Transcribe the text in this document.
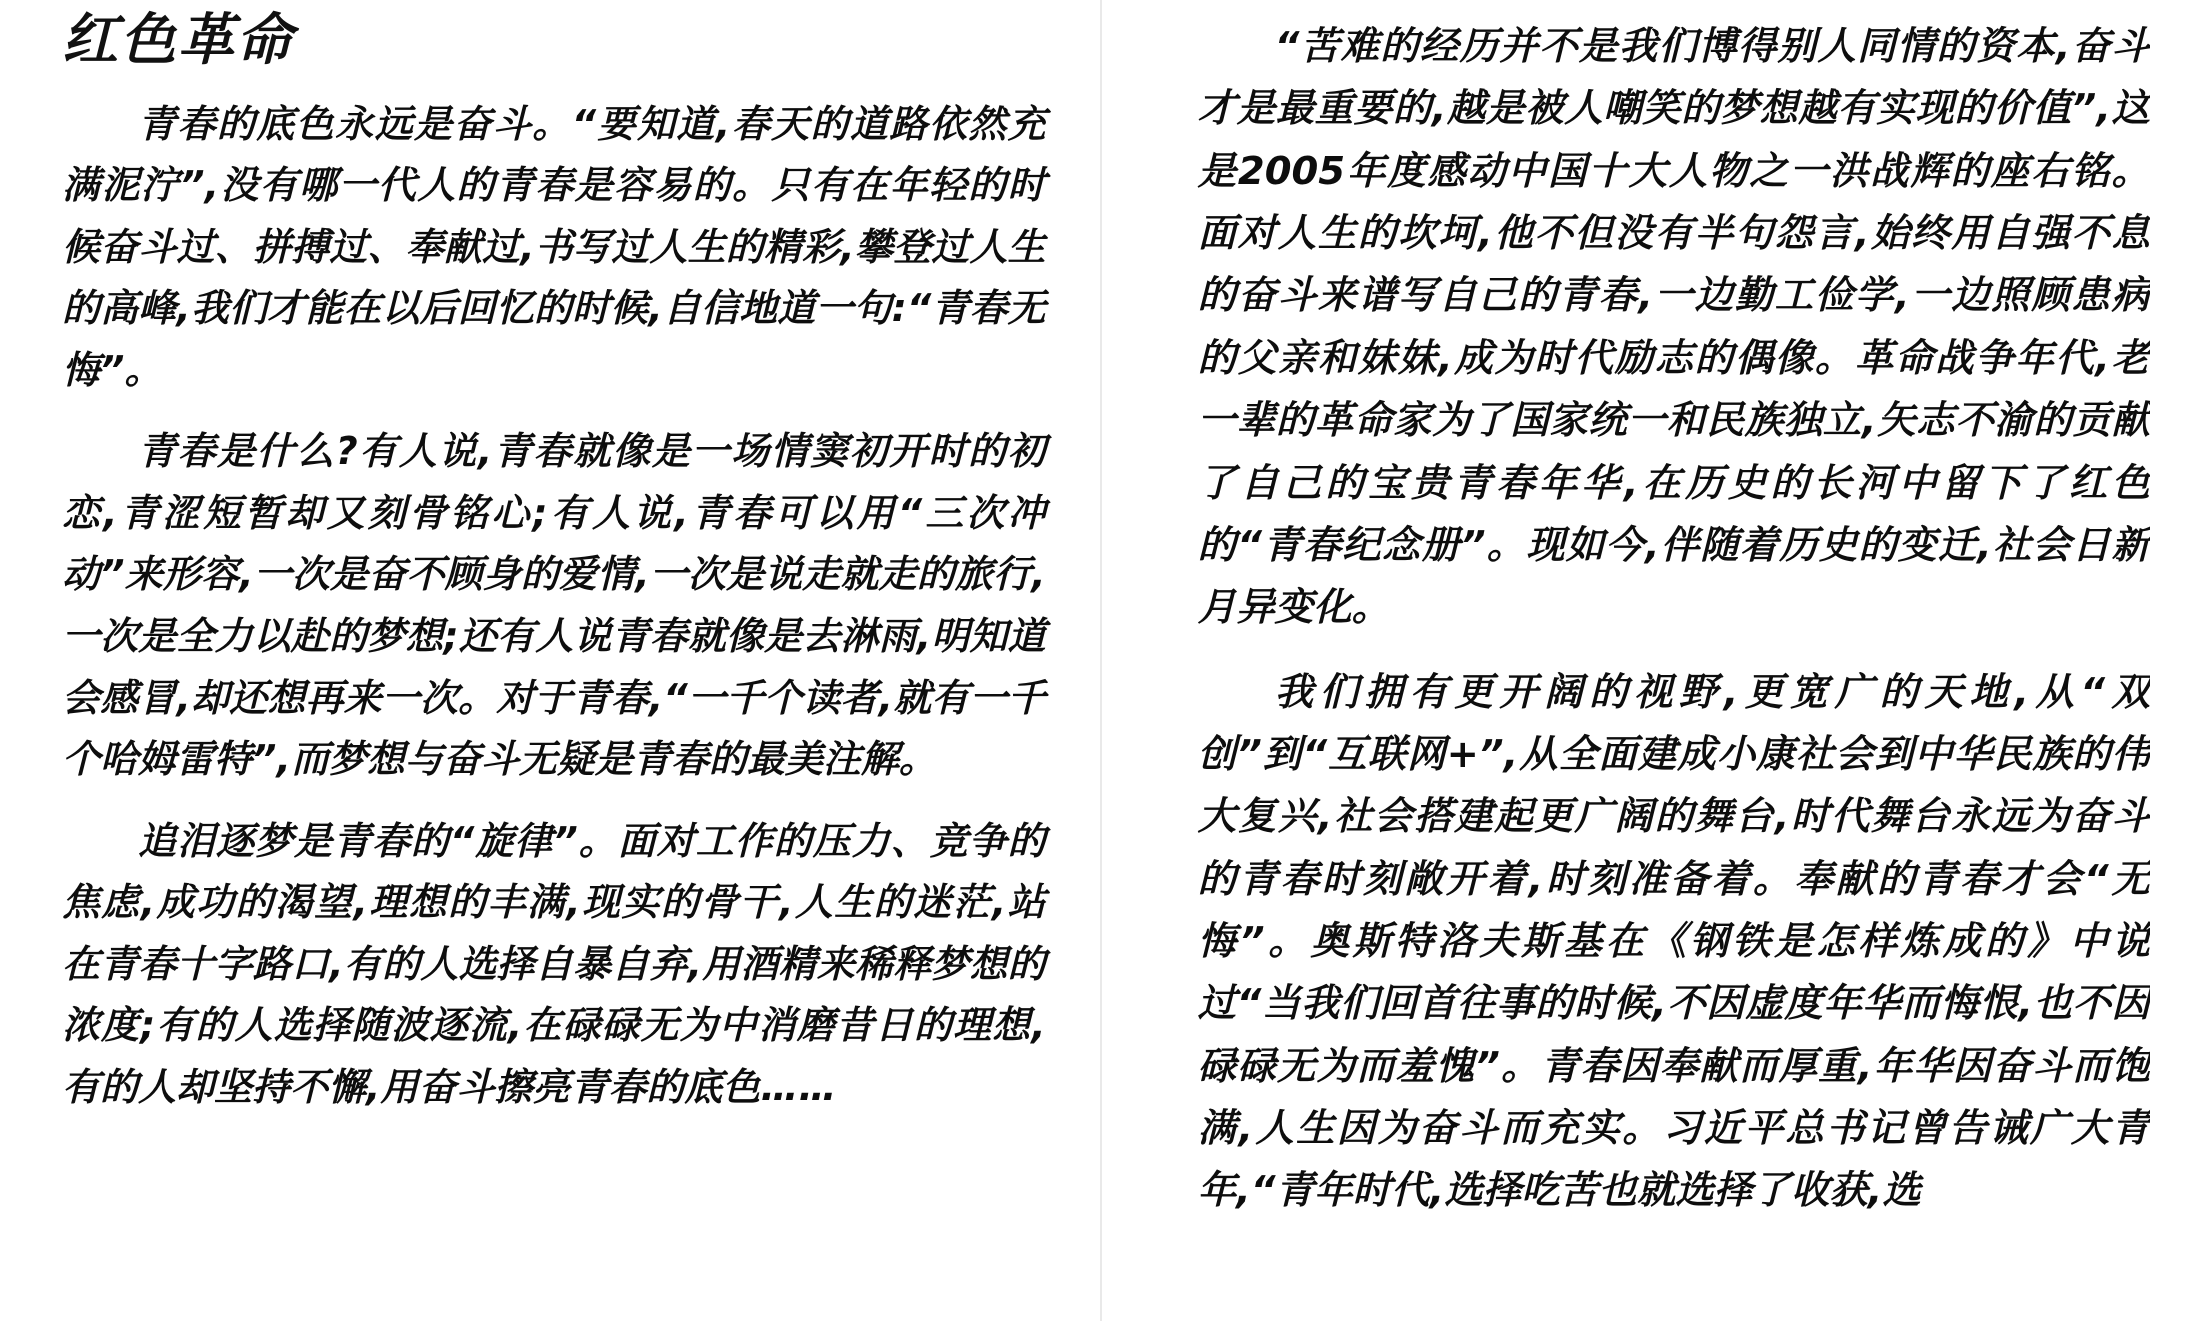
红色革命

青春的底色永远是奋斗。“要知道,春天的道路依然充满泥泞”,没有哪一代人的青春是容易的。只有在年轻的时候奋斗过、拼搏过、奉献过,书写过人生的精彩,攀登过人生的高峰,我们才能在以后回忆的时候,自信地道一句:“青春无悔”。

青春是什么?有人说,青春就像是一场情窦初开时的初恋,青涩短暂却又刻骨铭心;有人说,青春可以用“三次冲动”来形容,一次是奋不顾身的爱情,一次是说走就走的旅行,一次是全力以赴的梦想;还有人说青春就像是去淋雨,明知道会感冒,却还想再来一次。对于青春,“一千个读者,就有一千个哈姆雷特”,而梦想与奋斗无疑是青春的最美注解。

追泪逐梦是青春的“旋律”。面对工作的压力、竞争的焦虑,成功的渴望,理想的丰满,现实的骨干,人生的迷茫,站在青春十字路口,有的人选择自暴自弃,用酒精来稀释梦想的浓度;有的人选择随波逐流,在碌碌无为中消磨昔日的理想,有的人却坚持不懈,用奋斗擦亮青春的底色……

“苦难的经历并不是我们博得别人同情的资本,奋斗才是最重要的,越是被人嘲笑的梦想越有实现的价值”,这是2005年度感动中国十大人物之一洪战辉的座右铭。面对人生的坎坷,他不但没有半句怨言,始终用自强不息的奋斗来谱写自己的青春,一边勤工俭学,一边照顾患病的父亲和妹妹,成为时代励志的偶像。革命战争年代,老一辈的革命家为了国家统一和民族独立,矢志不渝的贡献了自己的宝贵青春年华,在历史的长河中留下了红色的“青春纪念册”。现如今,伴随着历史的变迁,社会日新月异变化。

我们拥有更开阔的视野,更宽广的天地,从“双创”到“互联网+”,从全面建成小康社会到中华民族的伟大复兴,社会搭建起更广阔的舞台,时代舞台永远为奋斗的青春时刻敞开着,时刻准备着。奉献的青春才会“无悔”。奥斯特洛夫斯基在《钢铁是怎样炼成的》中说过“当我们回首往事的时候,不因虚度年华而悔恨,也不因碌碌无为而羞愧”。青春因奉献而厚重,年华因奋斗而饱满,人生因为奋斗而充实。习近平总书记曾告诫广大青年,“青年时代,选择吃苦也就选择了收获,选
